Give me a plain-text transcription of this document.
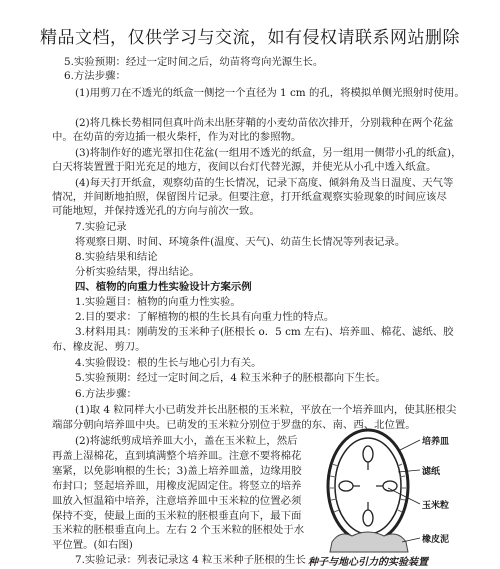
精品文档，仅供学习与交流，如有侵权请联系网站删除
5.实验预期：经过一定时间之后，幼苗将弯向光源生长。
6.方法步骤：
(1)用剪刀在不透光的纸盒一侧挖一个直径为 1 cm 的孔，将模拟单侧光照射时使用。
(2)将几株长势相同但真叶尚未出胚芽鞘的小麦幼苗依次排开，分别栽种在两个花盆
中。在幼苗的旁边插一根火柴杆，作为对比的参照物。
(3)将制作好的遮光罩扣住花盆(一组用不透光的纸盒，另一组用一侧带小孔的纸盒)，
白天将装置置于阳光充足的地方，夜间以台灯代替光源，并使光从小孔中透入纸盒。
(4)每天打开纸盒，观察幼苗的生长情况，记录下高度、倾斜角及当日温度、天气等
情况，并间断地拍照，保留图片记录。但要注意，打开纸盒观察实验现象的时间应该尽
可能地短，并保持透光孔的方向与前次一致。
7.实验记录
将观察日期、时间、环境条件(温度、天气)、幼苗生长情况等列表记录。
8.实验结果和结论
分析实验结果，得出结论。
四、植物的向重力性实验设计方案示例
1.实验题目：植物的向重力性实验。
2.目的要求：了解植物的根的生长具有向重力性的特点。
3.材料用具：刚萌发的玉米种子(胚根长 o．5 cm 左右)、培养皿、棉花、滤纸、胶
布、橡皮泥、剪刀。
4.实验假设：根的生长与地心引力有关。
5.实验预期：经过一定时间之后，4 粒玉米种子的胚根都向下生长。
6.方法步骤：
(1)取 4 粒同样大小已萌发并长出胚根的玉米粒，平放在一个培养皿内，使其胚根尖
端部分朝向培养皿中央。已萌发的玉米粒分别位于罗盘的东、南、西、北位置。
(2)将滤纸剪成培养皿大小，盖在玉米粒上，然后
再盖上湿棉花，直到填满整个培养皿。注意不要将棉花
塞紧，以免影响根的生长；3)盖上培养皿盖，边缘用胶
布封口；竖起培养皿，用橡皮泥固定住。将竖立的培养
皿放入恒温箱中培养，注意培养皿中玉米粒的位置必须
保持不变，使最上面的玉米粒的胚根垂直向下，最下面
玉米粒的胚根垂直向上。左右 2 个玉米粒的胚根处于水
平位置。(如右图)
7.实验记录：列表记录这 4 粒玉米种子胚根的生长
培养皿
滤纸
玉米粒
橡皮泥
种子与地心引力的实验装置
